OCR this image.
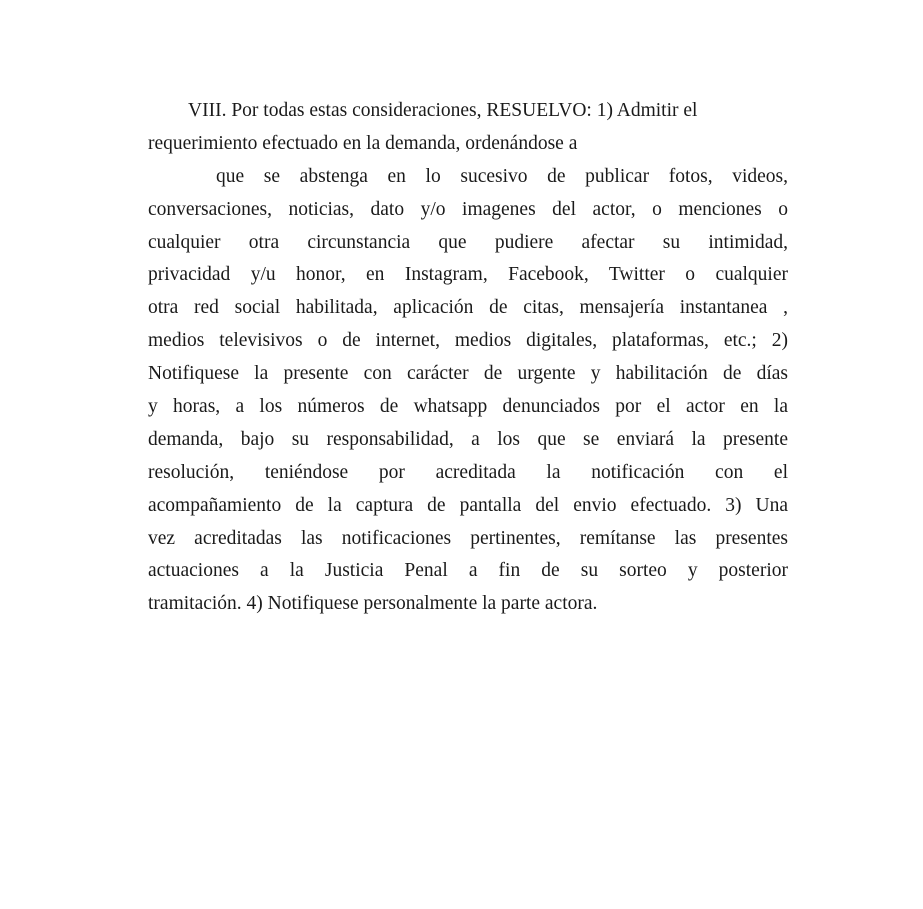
VIII. Por todas estas consideraciones, RESUELVO: 1) Admitir el
requerimiento efectuado en la demanda, ordenándose a
que se abstenga en lo sucesivo de publicar fotos, videos,
conversaciones, noticias, dato y/o imagenes del actor, o menciones o
cualquier otra circunstancia que pudiere afectar su intimidad,
privacidad y/u honor, en Instagram, Facebook, Twitter o cualquier
otra red social habilitada, aplicación de citas, mensajería instantanea ,
medios televisivos o de internet, medios digitales, plataformas, etc.; 2)
Notifiquese la presente con carácter de urgente y habilitación de días
y horas, a los números de whatsapp denunciados por el actor en la
demanda, bajo su responsabilidad, a los que se enviará la presente
resolución, teniéndose por acreditada la notificación con el
acompañamiento de la captura de pantalla del envio efectuado. 3) Una
vez acreditadas las notificaciones pertinentes, remítanse las presentes
actuaciones a la Justicia Penal a fin de su sorteo y posterior
tramitación. 4) Notifiquese personalmente la parte actora.
